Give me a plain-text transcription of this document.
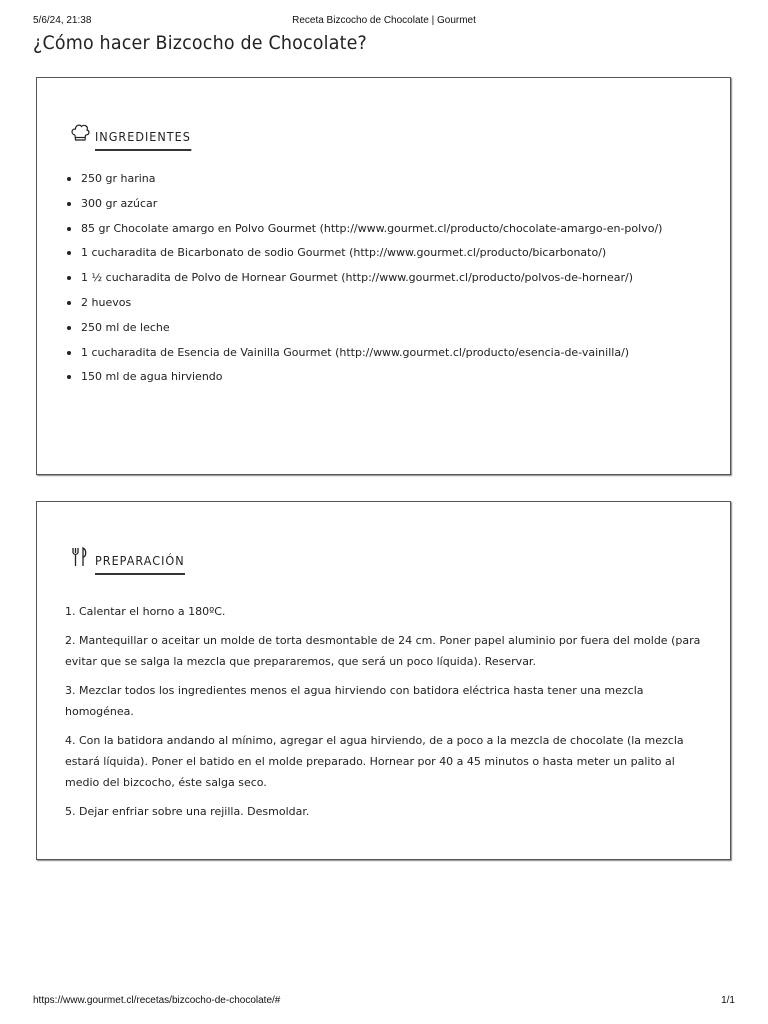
5/6/24, 21:38	Receta Bizcocho de Chocolate | Gourmet
¿Cómo hacer Bizcocho de Chocolate?
INGREDIENTES
250 gr harina
300 gr azúcar
85 gr Chocolate amargo en Polvo Gourmet (http://www.gourmet.cl/producto/chocolate-amargo-en-polvo/)
1 cucharadita de Bicarbonato de sodio Gourmet (http://www.gourmet.cl/producto/bicarbonato/)
1 ½ cucharadita de Polvo de Hornear Gourmet (http://www.gourmet.cl/producto/polvos-de-hornear/)
2 huevos
250 ml de leche
1 cucharadita de Esencia de Vainilla Gourmet (http://www.gourmet.cl/producto/esencia-de-vainilla/)
150 ml de agua hirviendo
PREPARACIÓN

1. Calentar el horno a 180ºC.

2. Mantequillar o aceitar un molde de torta desmontable de 24 cm. Poner papel aluminio por fuera del molde (para evitar que se salga la mezcla que prepararemos, que será un poco líquida). Reservar.

3. Mezclar todos los ingredientes menos el agua hirviendo con batidora eléctrica hasta tener una mezcla homogénea.

4. Con la batidora andando al mínimo, agregar el agua hirviendo, de a poco a la mezcla de chocolate (la mezcla estará líquida). Poner el batido en el molde preparado. Hornear por 40 a 45 minutos o hasta meter un palito al medio del bizcocho, éste salga seco.

5. Dejar enfriar sobre una rejilla. Desmoldar.

https://www.gourmet.cl/recetas/bizcocho-de-chocolate/#	1/1
